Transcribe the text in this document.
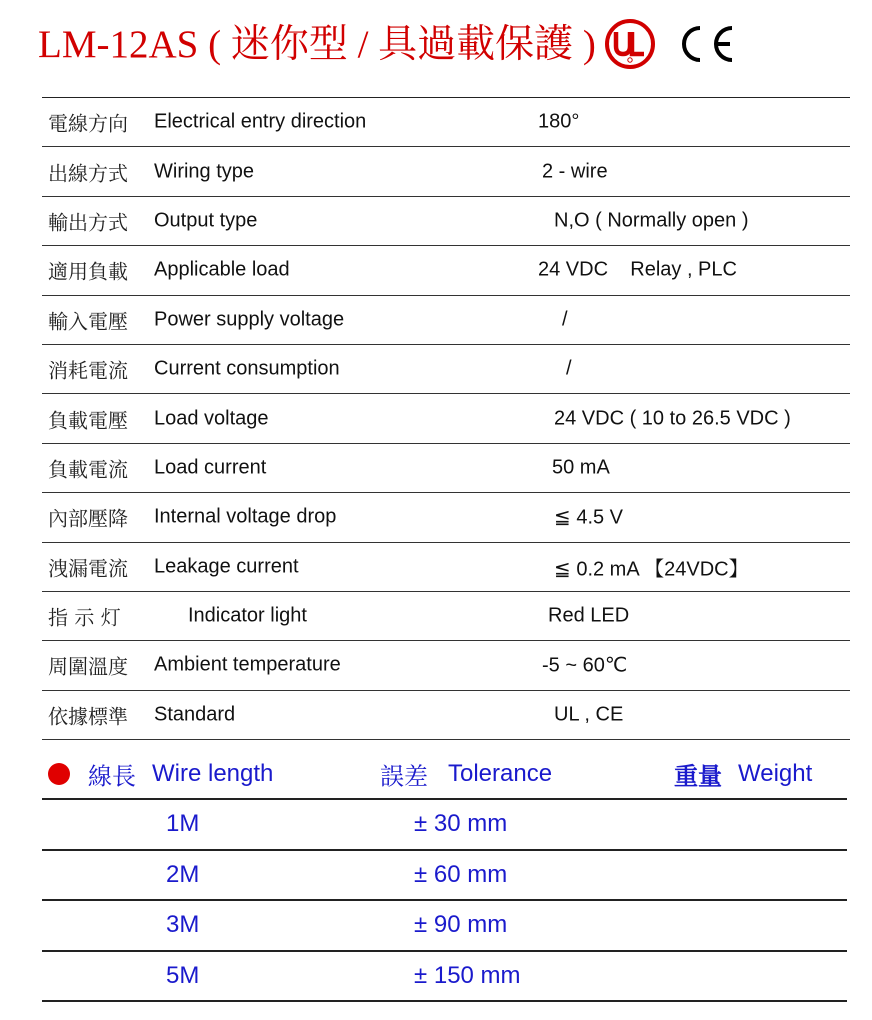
LM-12AS ( 迷你型 / 具過載保護 )
電線方向 Electrical entry direction	180°
出線方式 Wiring type	2 - wire
輸出方式 Output type	N,O ( Normally open )
適用負載 Applicable load	24 VDC    Relay , PLC
輸入電壓 Power supply voltage	/
消耗電流 Current consumption	/
負載電壓 Load voltage	24 VDC ( 10 to 26.5 VDC )
負載電流 Load current	50 mA
內部壓降 Internal voltage drop	≦ 4.5 V
洩漏電流 Leakage current	≦ 0.2 mA 【24VDC】
指 示 灯	Indicator light	Red LED
周圍溫度 Ambient temperature	-5 ~ 60℃
依據標準 Standard	UL , CE
線長 Wire length	誤差 Tolerance	重量 Weight
1M	± 30 mm
2M	± 60 mm
3M	± 90 mm
5M	± 150 mm
